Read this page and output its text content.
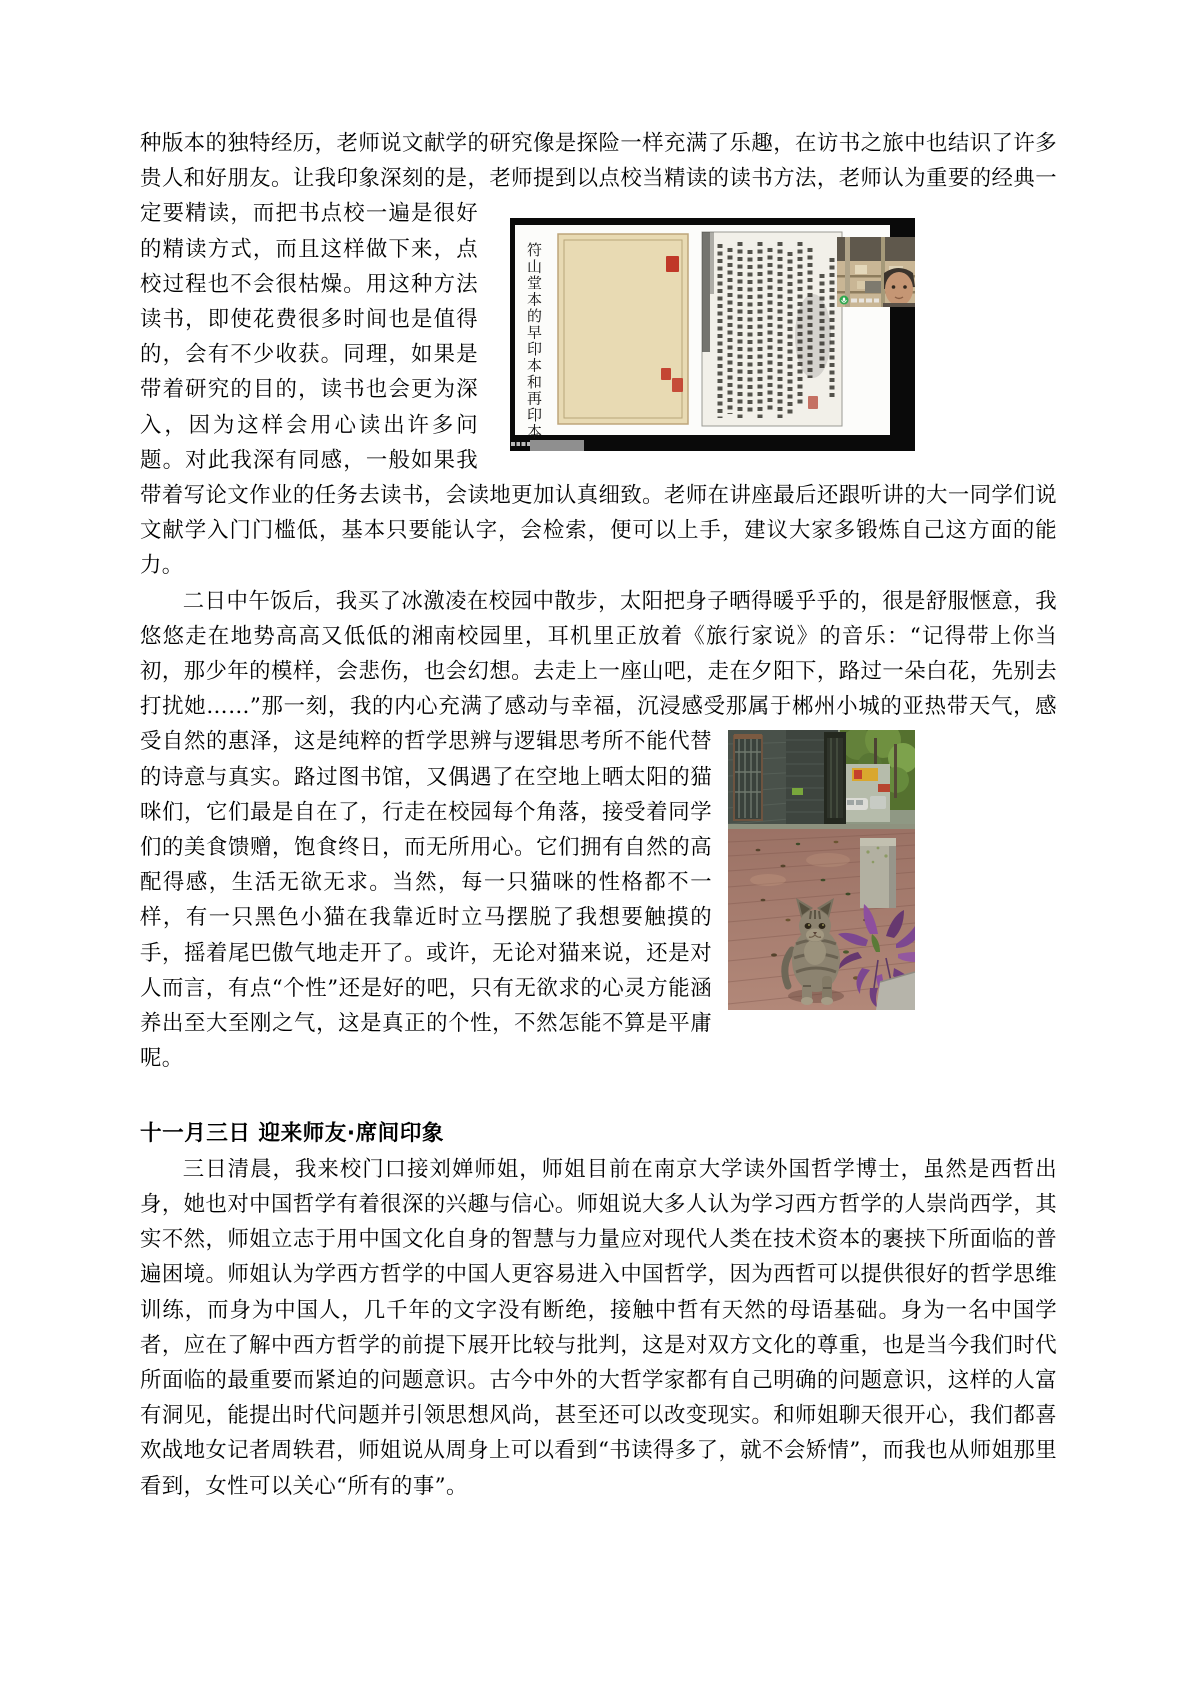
种版本的独特经历，老师说文献学的研究像是探险一样充满了乐趣，在访书之旅中也结识了许多贵人和好朋友。让我印象深刻的是，老师提到以点校当精读的读书方法，老师认为重要
符山堂本的早印本和再印本
的经典一定要精读，而把书点校一遍是很好的精读方式，而且这样做下来，点校过程也不会很枯燥。用这种方法读书，即使花费很多时间也是值得的，会有不少收获。同理，如果是带着研究的目的，读书也会更为深入，因为这样会用心读出许多问题。对此我深有同感，一般如果我带着写论文作业的任务去读书，会读地更加认真细致。老师在讲座最后还跟听讲的大一同学们说文献学入门门槛低，基本只要能认字，会检索，便可以上手，建议大家多锻炼自己这方面的能力。

二日中午饭后，我买了冰激凌在校园中散步，太阳把身子晒得暖乎乎的，很是舒服惬意，我悠悠走在地势高高又低低的湘南校园里，耳机里正放着《旅行家说》的音乐：“记得带上你当初，那少年的模样，会悲伤，也会幻想。去走上一座山吧，走在夕阳下，路过一朵白花，先别去打扰她……”那一刻，我的内心充满了感动与幸福，沉浸感受那属于郴州小城的亚热
带天气，感受自然的惠泽，这是纯粹的哲学思辨与逻辑思考所不能代替的诗意与真实。路过图书馆，又偶遇了在空地上晒太阳的猫咪们，它们最是自在了，行走在校园每个角落，接受着同学们的美食馈赠，饱食终日，而无所用心。它们拥有自然的高配得感，生活无欲无求。当然，每一只猫咪的性格都不一样，有一只黑色小猫在我靠近时立马摆脱了我想要触摸的手，摇着尾巴傲气地走开了。或许，无论对猫来说，还是对人而言，有点“个性”还是好的吧，只有无欲求的心灵方能涵养出至大至刚之气，这是真正的个性，不然怎能不算是平庸呢。

十一月三日 迎来师友·席间印象

三日清晨，我来校门口接刘婵师姐，师姐目前在南京大学读外国哲学博士，虽然是西哲出身，她也对中国哲学有着很深的兴趣与信心。师姐说大多人认为学习西方哲学的人崇尚西学，其实不然，师姐立志于用中国文化自身的智慧与力量应对现代人类在技术资本的裹挟下所面临的普遍困境。师姐认为学西方哲学的中国人更容易进入中国哲学，因为西哲可以提供很好的哲学思维训练，而身为中国人，几千年的文字没有断绝，接触中哲有天然的母语基础。身为一名中国学者，应在了解中西方哲学的前提下展开比较与批判，这是对双方文化的尊重，也是当今我们时代所面临的最重要而紧迫的问题意识。古今中外的大哲学家都有自己明确的问题意识，这样的人富有洞见，能提出时代问题并引领思想风尚，甚至还可以改变现实。和师姐聊天很开心，我们都喜欢战地女记者周轶君，师姐说从周身上可以看到“书读得多了，就不会矫情”，而我也从师姐那里看到，女性可以关心“所有的事”。
